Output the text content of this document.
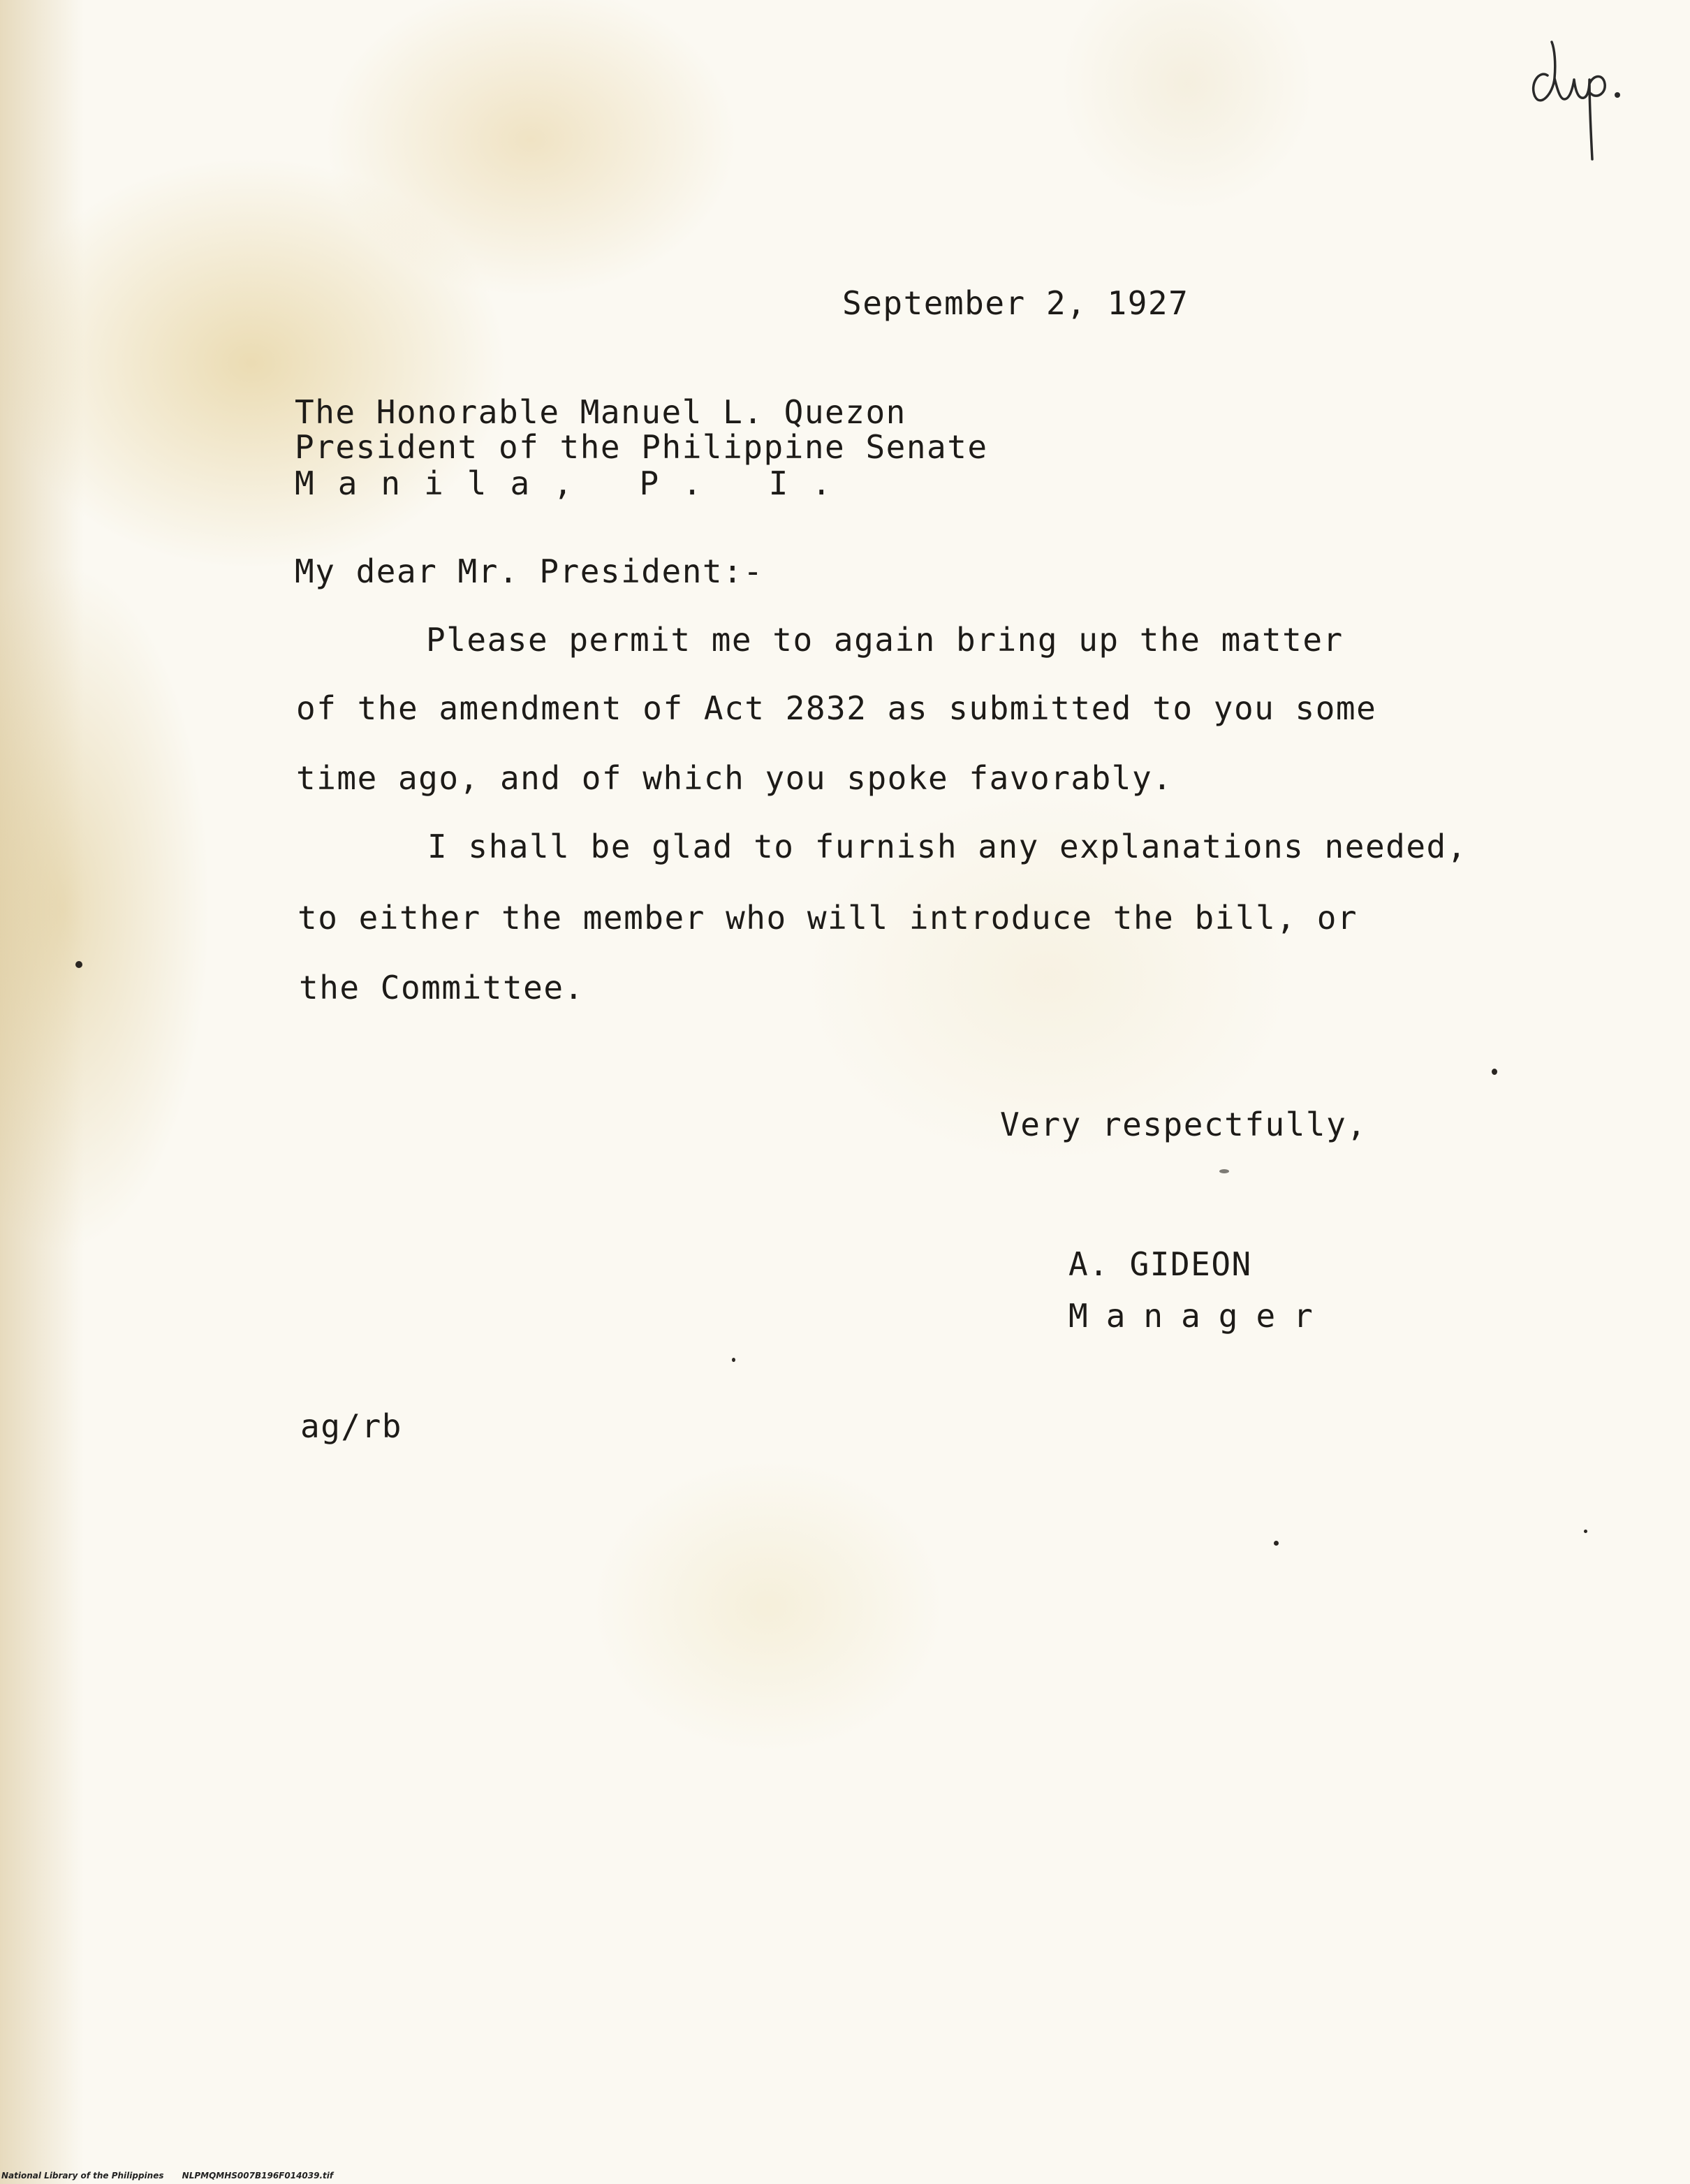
September 2, 1927
The Honorable Manuel L. Quezon
President of the Philippine Senate
Manila, P. I.
My dear Mr. President:-
Please permit me to again bring up the matter
of the amendment of Act 2832 as submitted to you some
time ago, and of which you spoke favorably.
I shall be glad to furnish any explanations needed,
to either the member who will introduce the bill, or
the Committee.
Very respectfully,
A. GIDEON
Manager
ag/rb
National Library of the Philippines NLPMQMHS007B196F014039.tif
